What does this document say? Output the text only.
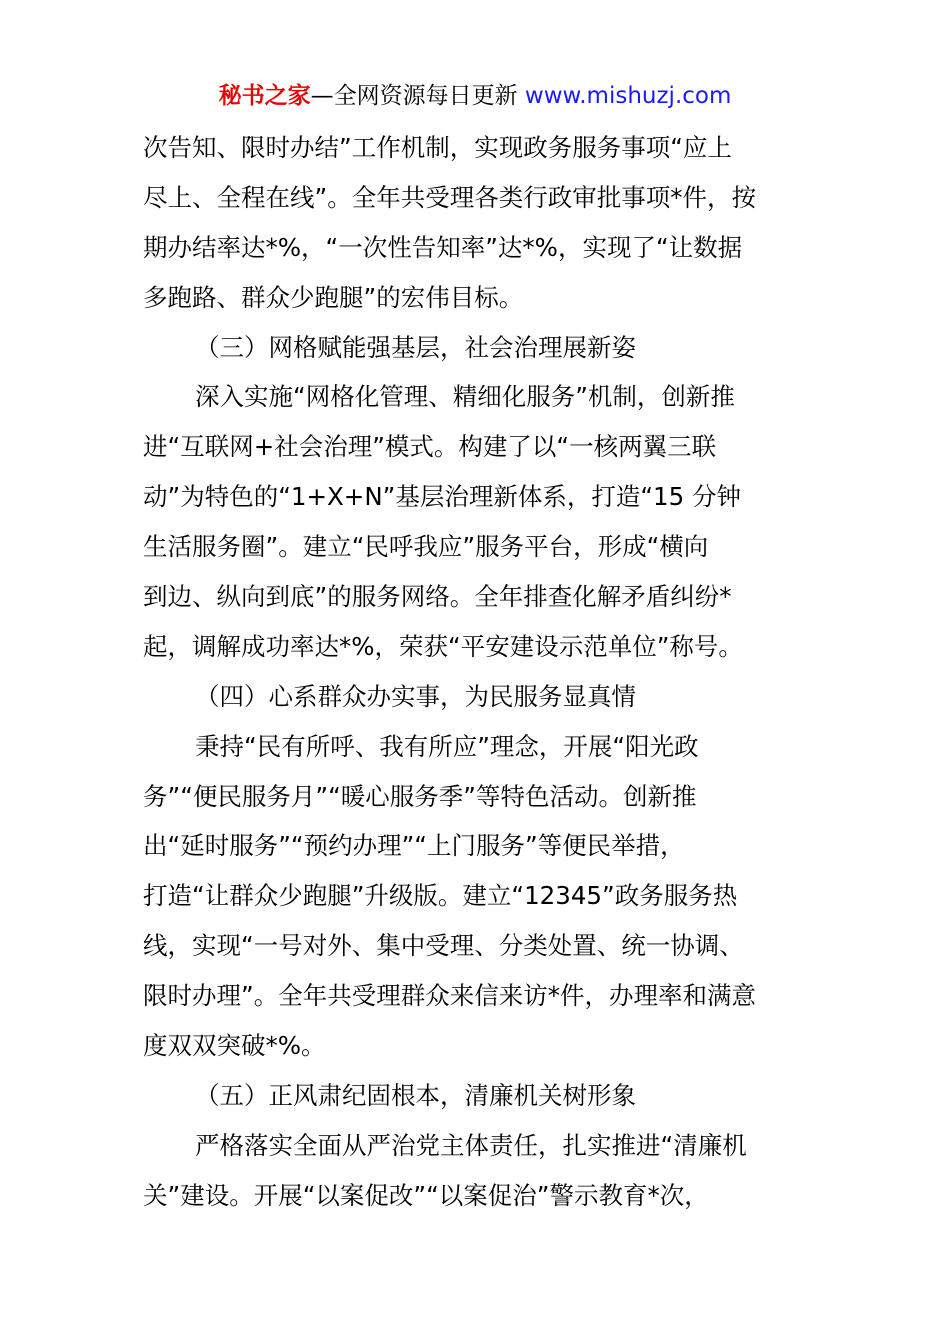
秘书之家—全网资源每日更新 www.mishuzj.com
次告知、限时办结”工作机制，实现政务服务事项“应上
尽上、全程在线”。全年共受理各类行政审批事项*件，按
期办结率达*%，“一次性告知率”达*%，实现了“让数据
多跑路、群众少跑腿”的宏伟目标。
（三）网格赋能强基层，社会治理展新姿
深入实施“网格化管理、精细化服务”机制，创新推
进“互联网+社会治理”模式。构建了以“一核两翼三联
动”为特色的“1+X+N”基层治理新体系，打造“15 分钟
生活服务圈”。建立“民呼我应”服务平台，形成“横向
到边、纵向到底”的服务网络。全年排查化解矛盾纠纷*
起，调解成功率达*%，荣获“平安建设示范单位”称号。
（四）心系群众办实事，为民服务显真情
秉持“民有所呼、我有所应”理念，开展“阳光政
务”“便民服务月”“暖心服务季”等特色活动。创新推
出“延时服务”“预约办理”“上门服务”等便民举措，
打造“让群众少跑腿”升级版。建立“12345”政务服务热
线，实现“一号对外、集中受理、分类处置、统一协调、
限时办理”。全年共受理群众来信来访*件，办理率和满意
度双双突破*%。
（五）正风肃纪固根本，清廉机关树形象
严格落实全面从严治党主体责任，扎实推进“清廉机
关”建设。开展“以案促改”“以案促治”警示教育*次，
